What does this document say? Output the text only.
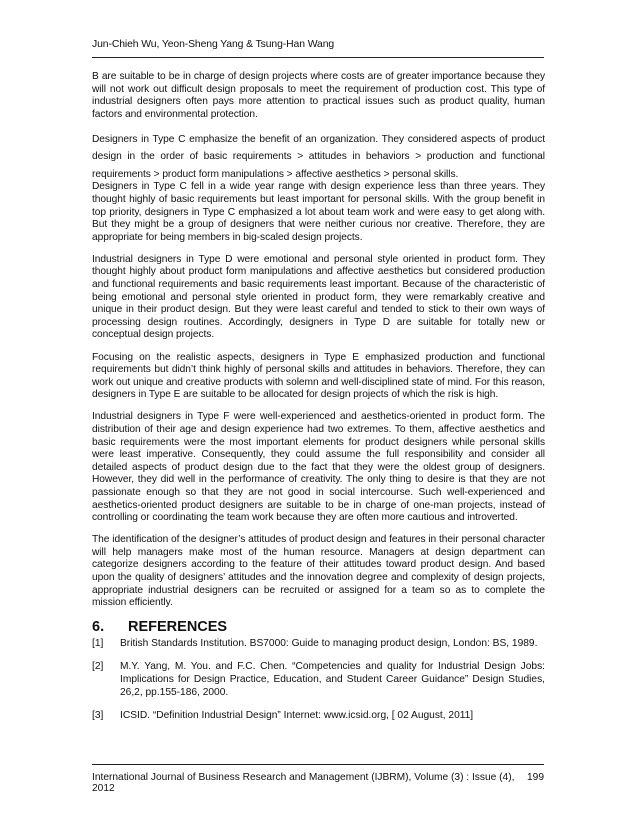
Jun-Chieh Wu, Yeon-Sheng Yang & Tsung-Han Wang

B are suitable to be in charge of design projects where costs are of greater importance because they will not work out difficult design proposals to meet the requirement of production cost. This type of industrial designers often pays more attention to practical issues such as product quality, human factors and environmental protection.

Designers in Type C emphasize the benefit of an organization. They considered aspects of product design in the order of basic requirements > attitudes in behaviors > production and functional requirements > product form manipulations > affective aesthetics > personal skills.

Designers in Type C fell in a wide year range with design experience less than three years. They thought highly of basic requirements but least important for personal skills. With the group benefit in top priority, designers in Type C emphasized a lot about team work and were easy to get along with. But they might be a group of designers that were neither curious nor creative. Therefore, they are appropriate for being members in big-scaled design projects.

Industrial designers in Type D were emotional and personal style oriented in product form. They thought highly about product form manipulations and affective aesthetics but considered production and functional requirements and basic requirements least important. Because of the characteristic of being emotional and personal style oriented in product form, they were remarkably creative and unique in their product design. But they were least careful and tended to stick to their own ways of processing design routines. Accordingly, designers in Type D are suitable for totally new or conceptual design projects.

Focusing on the realistic aspects, designers in Type E emphasized production and functional requirements but didn’t think highly of personal skills and attitudes in behaviors. Therefore, they can work out unique and creative products with solemn and well-disciplined state of mind. For this reason, designers in Type E are suitable to be allocated for design projects of which the risk is high.

Industrial designers in Type F were well-experienced and aesthetics-oriented in product form. The distribution of their age and design experience had two extremes. To them, affective aesthetics and basic requirements were the most important elements for product designers while personal skills were least imperative. Consequently, they could assume the full responsibility and consider all detailed aspects of product design due to the fact that they were the oldest group of designers. However, they did well in the performance of creativity. The only thing to desire is that they are not passionate enough so that they are not good in social intercourse. Such well-experienced and aesthetics-oriented product designers are suitable to be in charge of one-man projects, instead of controlling or coordinating the team work because they are often more cautious and introverted.

The identification of the designer’s attitudes of product design and features in their personal character will help managers make most of the human resource. Managers at design department can categorize designers according to the feature of their attitudes toward product design. And based upon the quality of designers’ attitudes and the innovation degree and complexity of design projects, appropriate industrial designers can be recruited or assigned for a team so as to complete the mission efficiently.

6. REFERENCES
[1]	British Standards Institution. BS7000: Guide to managing product design, London: BS, 1989.
[2]	M.Y. Yang, M. You. and F.C. Chen. “Competencies and quality for Industrial Design Jobs: Implications for Design Practice, Education, and Student Career Guidance” Design Studies, 26,2, pp.155-186, 2000.
[3]	ICSID. “Definition Industrial Design” Internet: www.icsid.org, [ 02 August, 2011]
International Journal of Business Research and Management (IJBRM), Volume (3) : Issue (4), 2012
199
